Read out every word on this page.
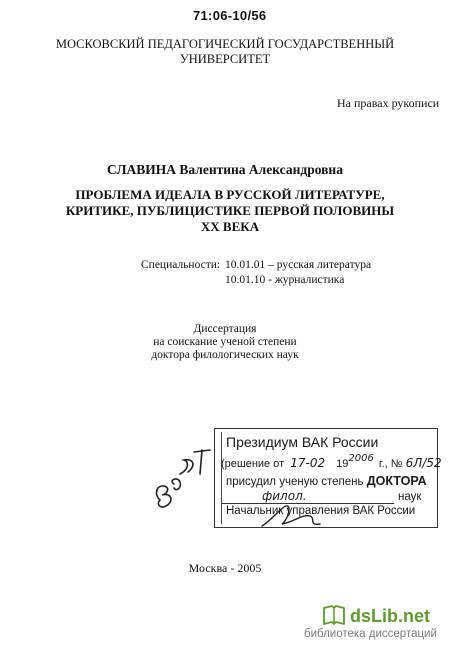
71:06-10/56
МОСКОВСКИЙ ПЕДАГОГИЧЕСКИЙ ГОСУДАРСТВЕННЫЙ
УНИВЕРСИТЕТ
На правах рукописи
СЛАВИНА Валентина Александровна
ПРОБЛЕМА ИДЕАЛА В РУССКОЙ ЛИТЕРАТУРЕ, КРИТИКЕ, ПУБЛИЦИСТИКЕ ПЕРВОЙ ПОЛОВИНЫ XX ВЕКА
Специальности: 10.01.01 – русская литература
10.01.10 - журналистика
Диссертация
на соискание ученой степени
доктора филологических наук
Президиум ВАК России
(решение от 17-02 192006 г., № 6Л/52
присудил ученую степень ДОКТОРА
филол.	наук
Начальник управления ВАК России
Москва - 2005
dsLib.net
библиотека диссертаций
